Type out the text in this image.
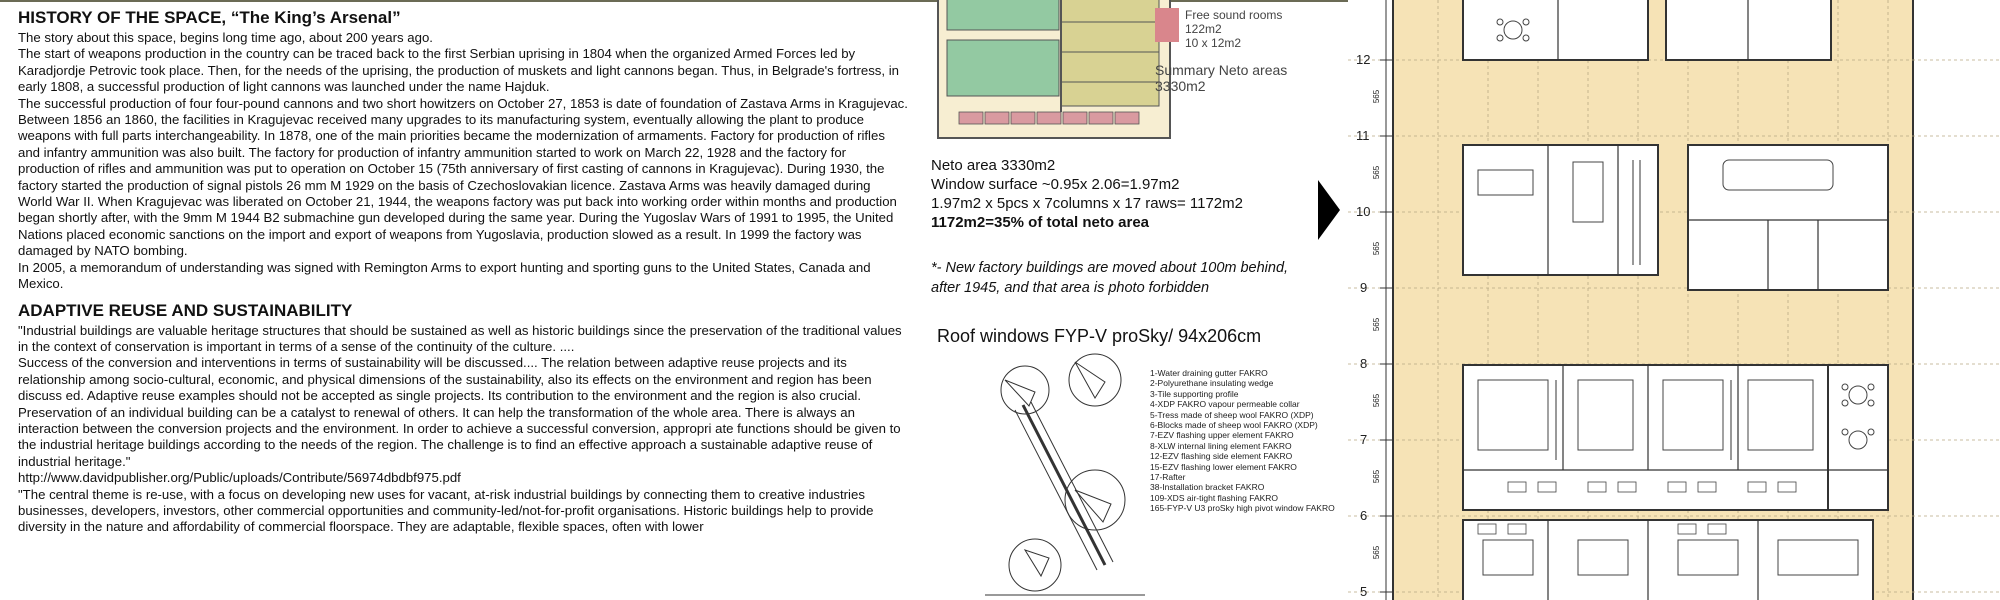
HISTORY OF THE SPACE, “The King’s Arsenal”

The story about this space, begins long time ago, about 200 years ago.

The start of weapons production in the country can be traced back to the first Serbian uprising in 1804 when the organized Armed Forces led by Karadjordje Petrovic took place. Then, for the needs of the uprising, the production of muskets and light cannons began. Thus, in Belgrade's fortress, in early 1808, a successful production of light cannons was launched under the name Hajduk.

The successful production of four four-pound cannons and two short howitzers on October 27, 1853 is date of foundation of Zastava Arms in Kragujevac. Between 1856 an 1860, the facilities in Kragujevac received many upgrades to its manufacturing system, eventually allowing the plant to produce weapons with full parts interchangeability. In 1878, one of the main priorities became the modernization of armaments. Factory for production of rifles and infantry ammunition was also built. The factory for production of infantry ammunition started to work on March 22, 1928 and the factory for production of rifles and ammunition was put to operation on October 15 (75th anniversary of first casting of cannons in Kragujevac). During 1930, the factory started the production of signal pistols 26 mm M 1929 on the basis of Czechoslovakian licence. Zastava Arms was heavily damaged during World War II. When Kragujevac was liberated on October 21, 1944, the weapons factory was put back into working order within months and production began shortly after, with the 9mm M 1944 B2 submachine gun developed during the same year. During the Yugoslav Wars of 1991 to 1995, the United Nations placed economic sanctions on the import and export of weapons from Yugoslavia, production slowed as a result. In 1999 the factory was damaged by NATO bombing.

In 2005, a memorandum of understanding was signed with Remington Arms to export hunting and sporting guns to the United States, Canada and Mexico.

ADAPTIVE REUSE AND SUSTAINABILITY

"Industrial buildings are valuable heritage structures that should be sustained as well as historic buildings since the preservation of the traditional values in the context of conservation is important in terms of a sense of the continuity of the culture. ....

Success of the conversion and interventions in terms of sustainability will be discussed.... The relation between adaptive reuse projects and its relationship among socio-cultural, economic, and physical dimensions of the sustainability, also its effects on the environment and region has been discuss ed. Adaptive reuse examples should not be accepted as single projects. Its contribution to the environment and the region is also crucial. Preservation of an individual building can be a catalyst to renewal of others. It can help the transformation of the whole area. There is always an interaction between the conversion projects and the environment. In order to achieve a successful conversion, appropri ate functions should be given to the industrial heritage buildings according to the needs of the region. The challenge is to find an effective approach a sustainable adaptive reuse of industrial heritage."

http://www.davidpublisher.org/Public/uploads/Contribute/56974dbdbf975.pdf

"The central theme is re-use, with a focus on developing new uses for vacant, at-risk industrial buildings by connecting them to creative industries businesses, developers, investors, other commercial opportunities and community-led/not-for-profit organisations. Historic buildings help to provide diversity in the nature and affordability of commercial floorspace. They are adaptable, flexible spaces, often with lower

Free sound rooms
122m2
10 x 12m2
Summary Neto areas
3330m2
Neto area 3330m2
Window surface ~0.95x 2.06=1.97m2
1.97m2 x 5pcs x 7columns x 17 raws= 1172m2
1172m2=35% of total neto area
*- New factory buildings are moved about 100m behind,
after 1945, and that area is photo forbidden
Roof windows FYP-V proSky/ 94x206cm
1-Water draining gutter FAKRO
2-Polyurethane insulating wedge
3-Tile supporting profile
4-XDP FAKRO vapour permeable collar
5-Tress made of sheep wool FAKRO (XDP)
6-Blocks made of sheep wool FAKRO (XDP)
7-EZV flashing upper element FAKRO
8-XLW internal lining element FAKRO
12-EZV flashing side element FAKRO
15-EZV flashing lower element FAKRO
17-Rafter
38-Installation bracket FAKRO
109-XDS air-tight flashing FAKRO
165-FYP-V U3 proSky high pivot window FAKRO
12
11
10
9
8
7
6
5
565
565
565
565
565
565
565
